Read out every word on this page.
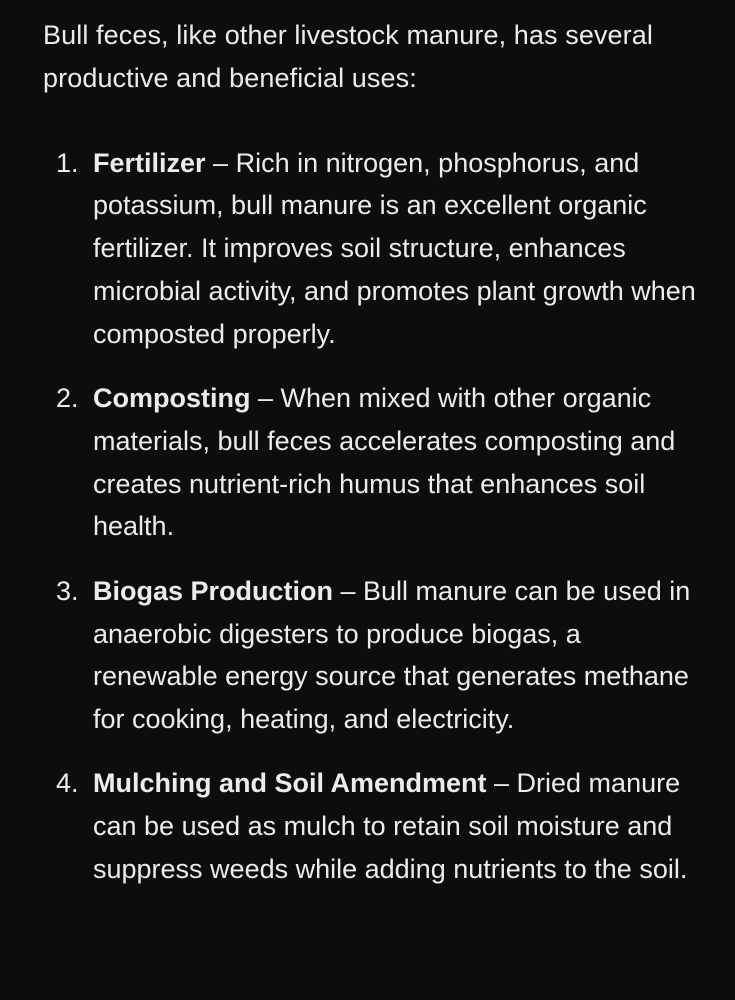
Bull feces, like other livestock manure, has several productive and beneficial uses:

1. Fertilizer – Rich in nitrogen, phosphorus, and potassium, bull manure is an excellent organic fertilizer. It improves soil structure, enhances microbial activity, and promotes plant growth when composted properly.
2. Composting – When mixed with other organic materials, bull feces accelerates composting and creates nutrient-rich humus that enhances soil health.
3. Biogas Production – Bull manure can be used in anaerobic digesters to produce biogas, a renewable energy source that generates methane for cooking, heating, and electricity.
4. Mulching and Soil Amendment – Dried manure can be used as mulch to retain soil moisture and suppress weeds while adding nutrients to the soil.
